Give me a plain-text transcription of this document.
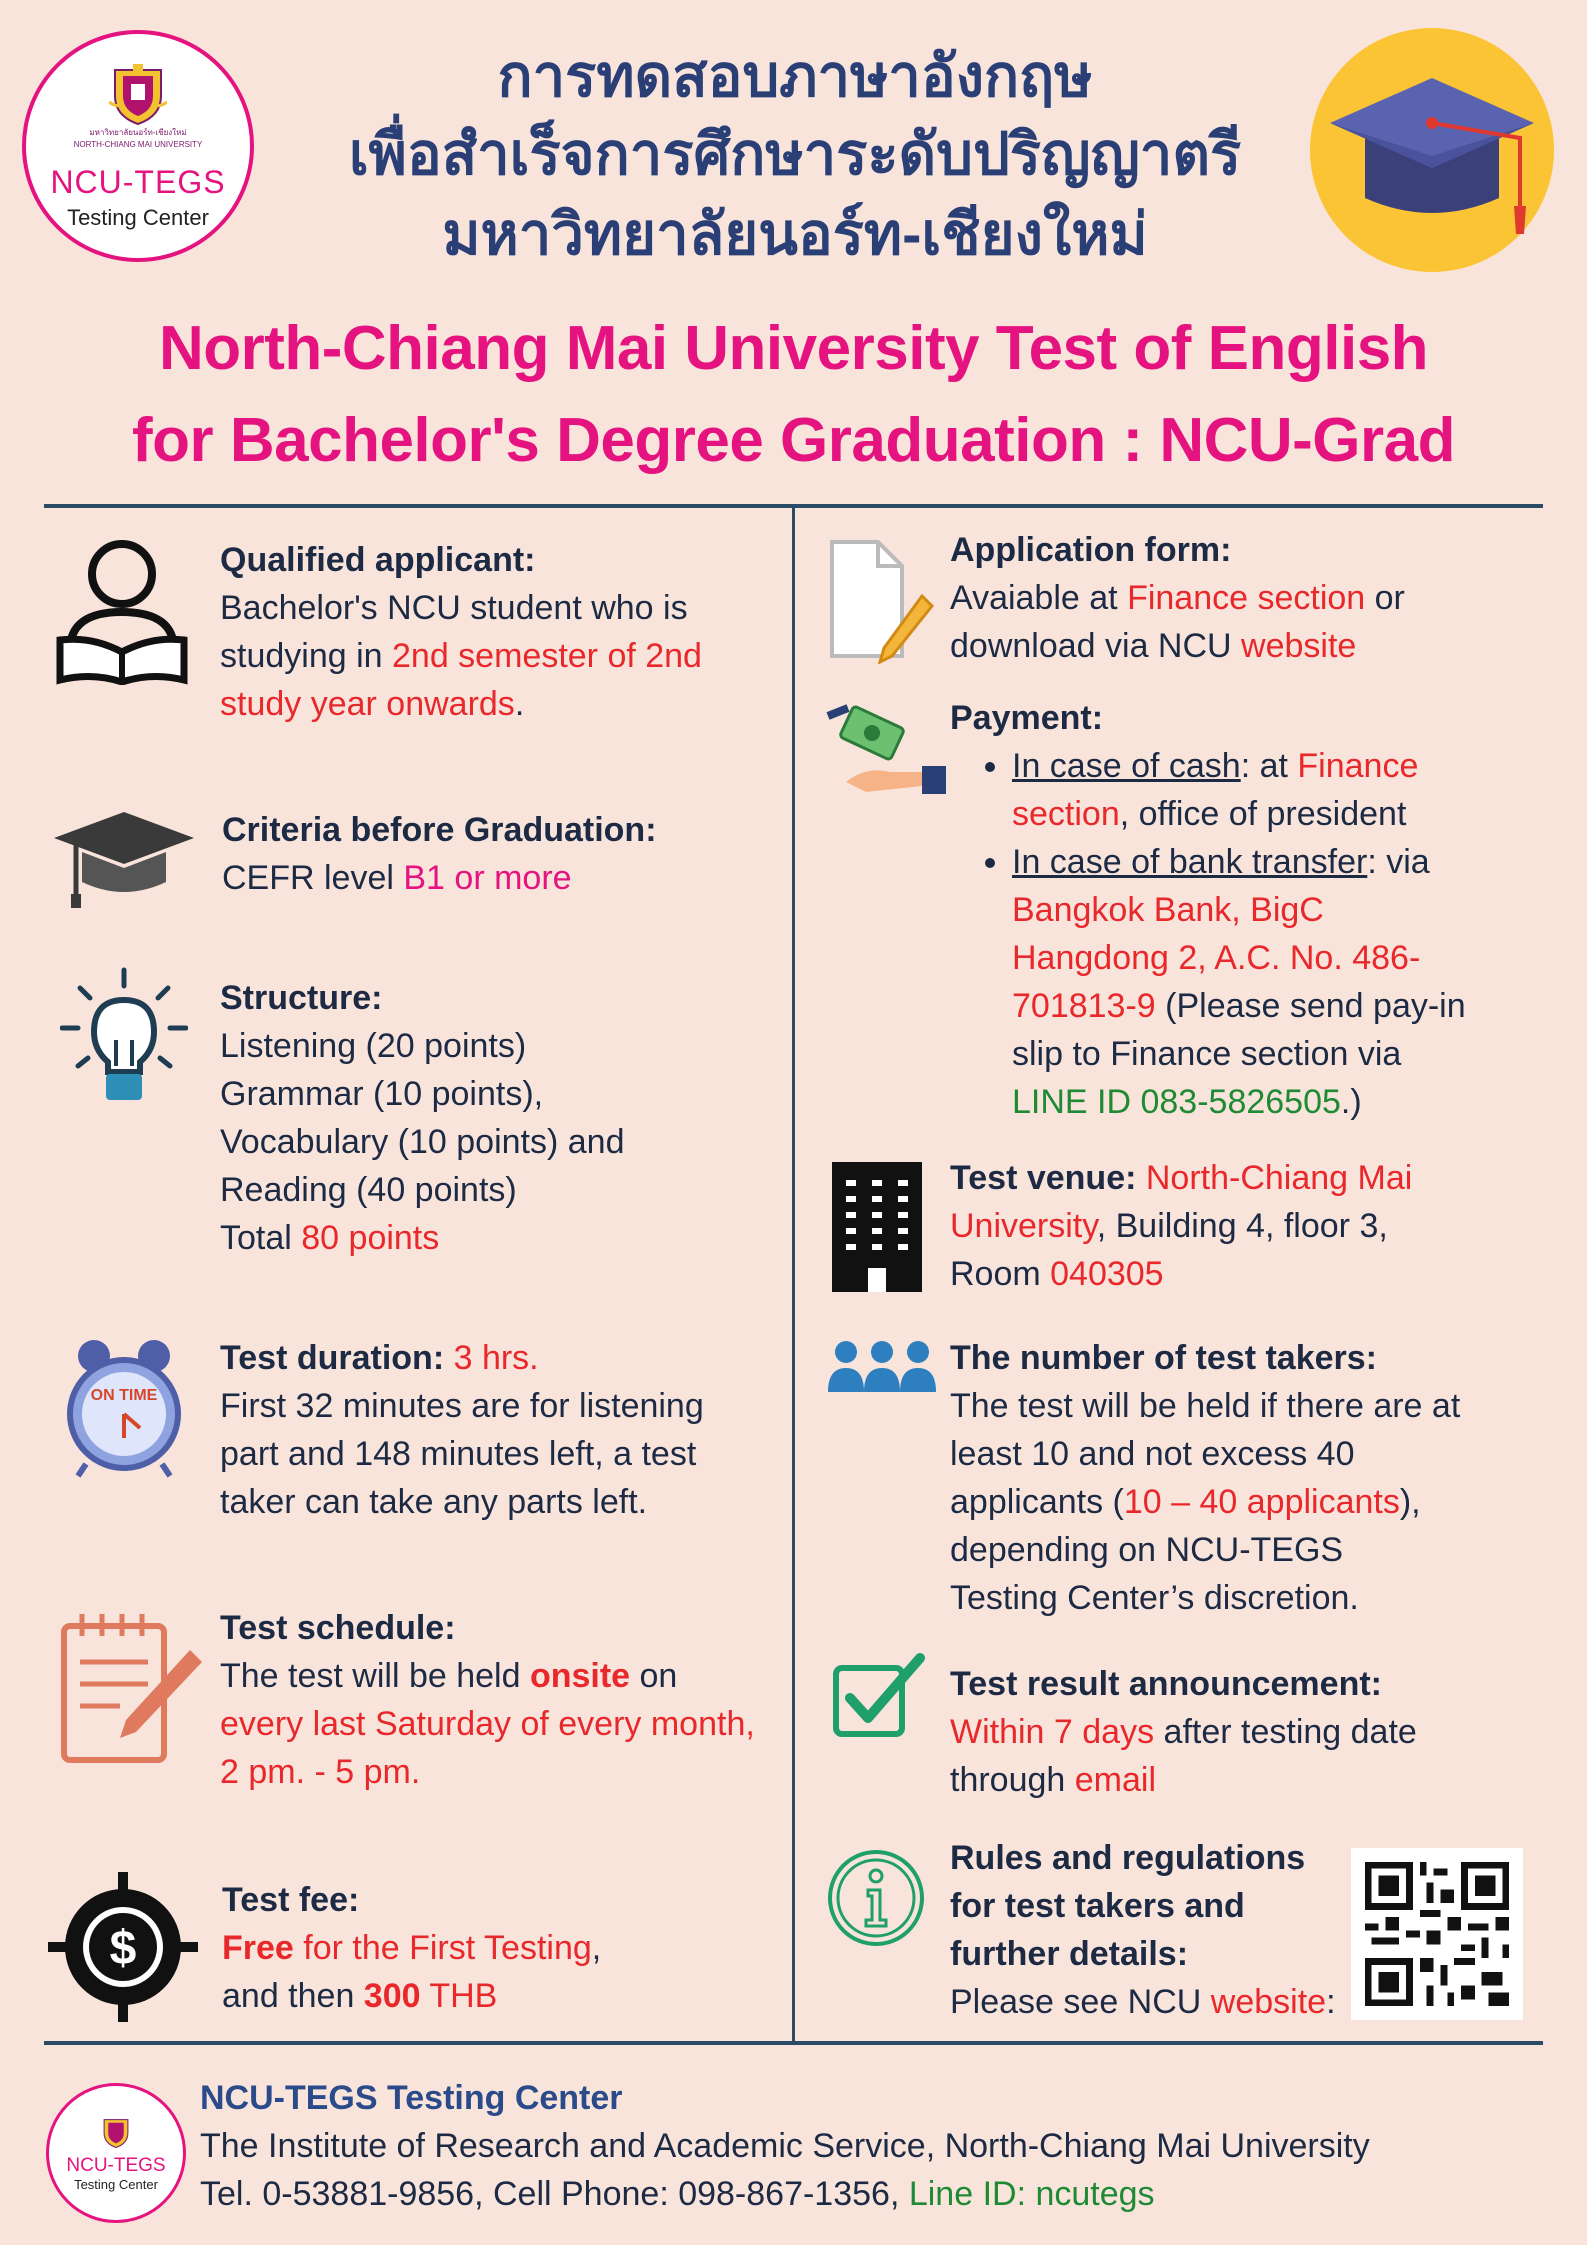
มหาวิทยาลัยนอร์ท-เชียงใหม่
NORTH-CHIANG MAI UNIVERSITY
NCU-TEGS
Testing Center
การทดสอบภาษาอังกฤษ
เพื่อสำเร็จการศึกษาระดับปริญญาตรี
มหาวิทยาลัยนอร์ท-เชียงใหม่
North-Chiang Mai University Test of English
for Bachelor's Degree Graduation : NCU-Grad
Qualified applicant:
Bachelor's NCU student who is
studying in 2nd semester of 2nd
study year onwards.
Criteria before Graduation:
CEFR level B1 or more
Structure:
Listening (20 points)
Grammar (10 points),
Vocabulary (10 points) and
Reading (40 points)
Total 80 points
ON TIME
Test duration: 3 hrs.
First 32 minutes are for listening
part and 148 minutes left, a test
taker can take any parts left.
Test schedule:
The test will be held onsite on
every last Saturday of every month,
2 pm. - 5 pm.
$
Test fee:
Free for the First Testing,
and then 300 THB
Application form:
Avaiable at Finance section or
download via NCU website
Payment:
• In case of cash: at Finance
section, office of president
• In case of bank transfer: via
Bangkok Bank, BigC
Hangdong 2, A.C. No. 486-
701813-9 (Please send pay-in
slip to Finance section via
LINE ID 083-5826505.)
Test venue: North-Chiang Mai
University, Building 4, floor 3,
Room 040305
The number of test takers:
The test will be held if there are at
least 10 and not excess 40
applicants (10 – 40 applicants),
depending on NCU-TEGS
Testing Center’s discretion.
Test result announcement:
Within 7 days after testing date
through email
Rules and regulations
for test takers and
further details:
Please see NCU website:
NCU-TEGS
Testing Center
NCU-TEGS Testing Center
The Institute of Research and Academic Service, North-Chiang Mai University
Tel. 0-53881-9856, Cell Phone: 098-867-1356, Line ID: ncutegs
